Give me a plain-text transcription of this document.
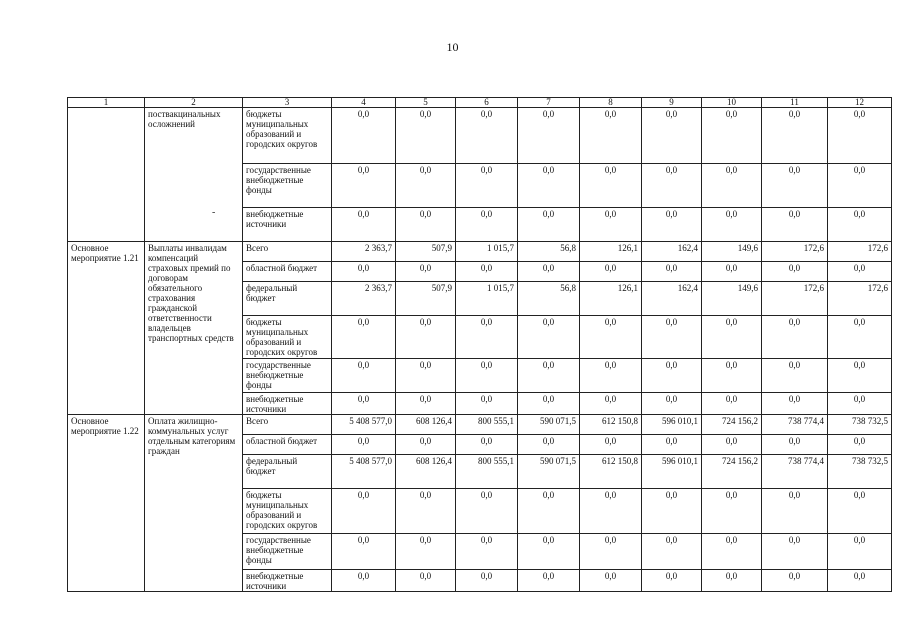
10
1	2	3	4	5	6	7	8	9	10	11	12
	поствакцинальных осложнений	бюджеты муниципальных образований и городских округов	0,0	0,0	0,0	0,0	0,0	0,0	0,0	0,0	0,0
		государственные внебюджетные фонды	0,0	0,0	0,0	0,0	0,0	0,0	0,0	0,0	0,0
		внебюджетные источники	0,0	0,0	0,0	0,0	0,0	0,0	0,0	0,0	0,0
Основное мероприятие 1.21	Выплаты инвалидам компенсаций страховых премий по договорам обязательного страхования гражданской ответственности владельцев транспортных средств	Всего	2 363,7	507,9	1 015,7	56,8	126,1	162,4	149,6	172,6	172,6
		областной бюджет	0,0	0,0	0,0	0,0	0,0	0,0	0,0	0,0	0,0
		федеральный бюджет	2 363,7	507,9	1 015,7	56,8	126,1	162,4	149,6	172,6	172,6
		бюджеты муниципальных образований и городских округов	0,0	0,0	0,0	0,0	0,0	0,0	0,0	0,0	0,0
		государственные внебюджетные фонды	0,0	0,0	0,0	0,0	0,0	0,0	0,0	0,0	0,0
		внебюджетные источники	0,0	0,0	0,0	0,0	0,0	0,0	0,0	0,0	0,0
Основное мероприятие 1.22	Оплата жилищно-коммунальных услуг отдельным категориям граждан	Всего	5 408 577,0	608 126,4	800 555,1	590 071,5	612 150,8	596 010,1	724 156,2	738 774,4	738 732,5
		областной бюджет	0,0	0,0	0,0	0,0	0,0	0,0	0,0	0,0	0,0
		федеральный бюджет	5 408 577,0	608 126,4	800 555,1	590 071,5	612 150,8	596 010,1	724 156,2	738 774,4	738 732,5
		бюджеты муниципальных образований и городских округов	0,0	0,0	0,0	0,0	0,0	0,0	0,0	0,0	0,0
		государственные внебюджетные фонды	0,0	0,0	0,0	0,0	0,0	0,0	0,0	0,0	0,0
		внебюджетные источники	0,0	0,0	0,0	0,0	0,0	0,0	0,0	0,0	0,0
-
